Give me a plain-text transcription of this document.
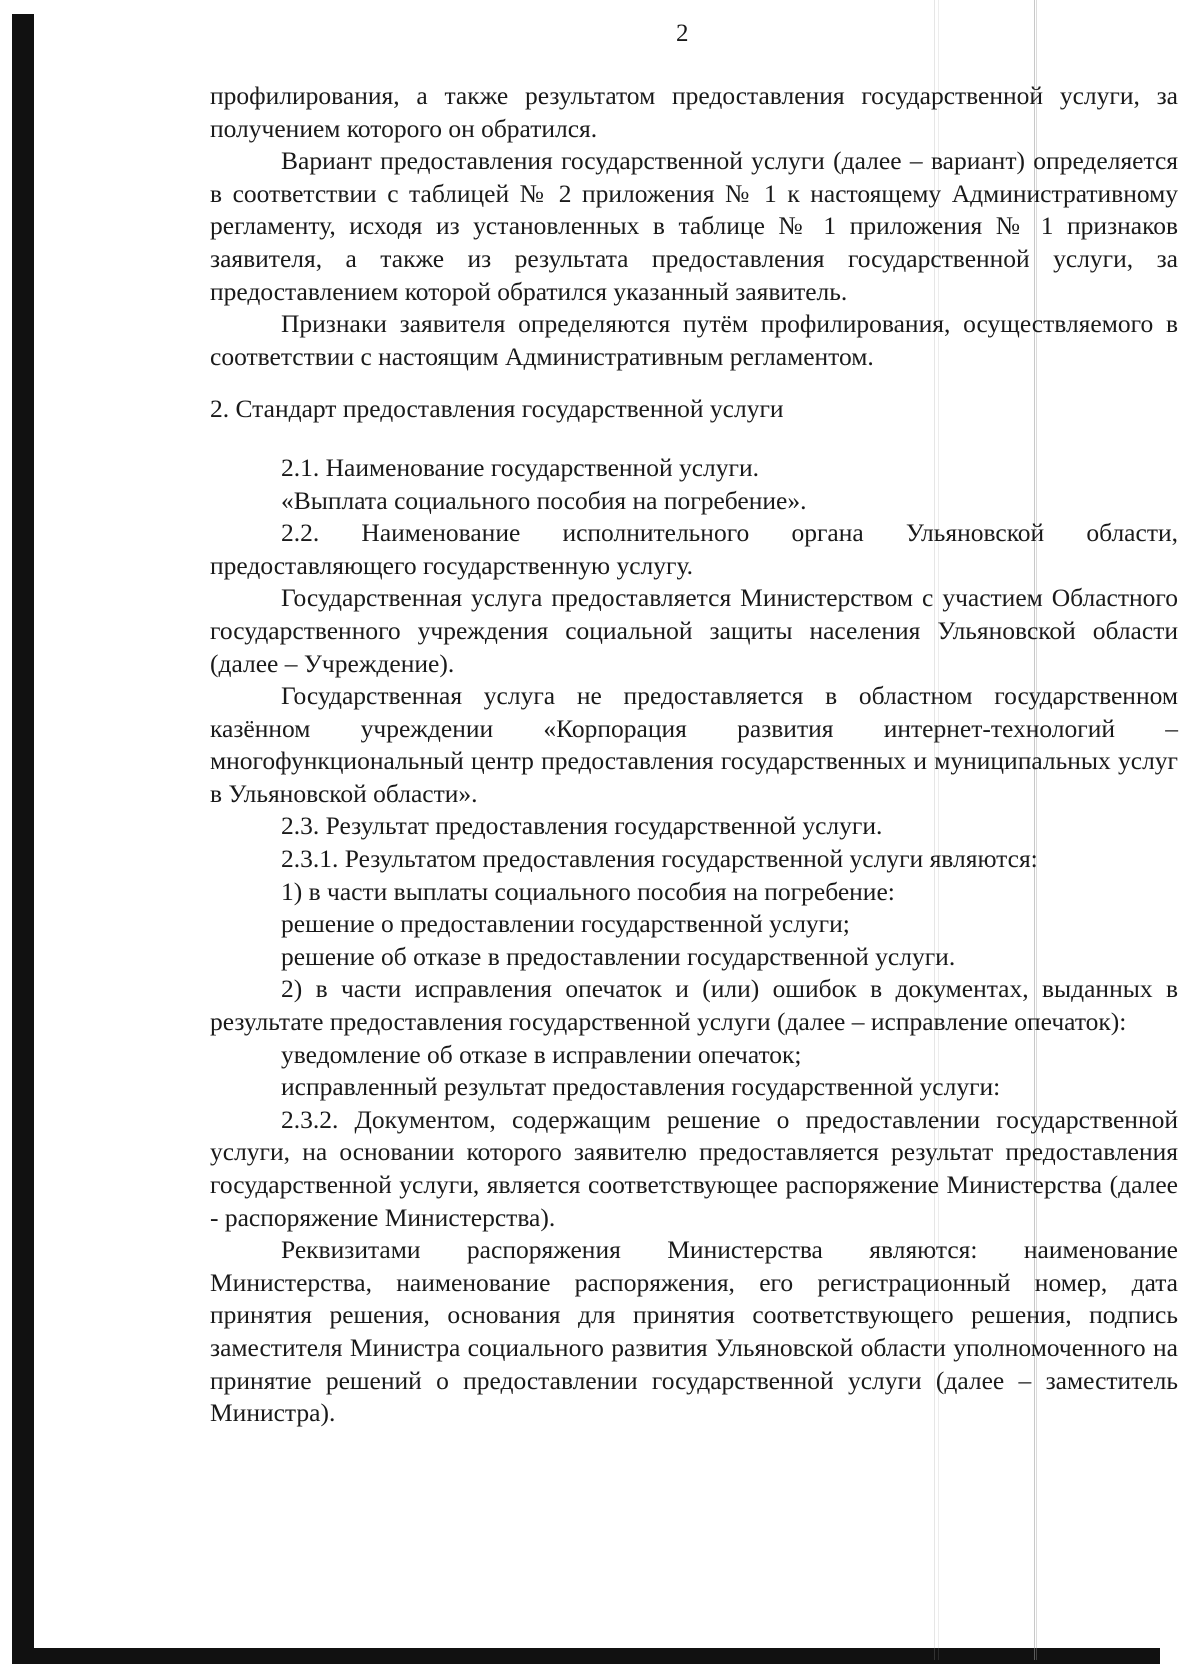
2

профилирования, а также результатом предоставления государственной услуги, за получением которого он обратился.

Вариант предоставления государственной услуги (далее – вариант) определяется в соответствии с таблицей № 2 приложения № 1 к настоящему Административному регламенту, исходя из установленных в таблице № 1 приложения № 1 признаков заявителя, а также из результата предоставления государственной услуги, за предоставлением которой обратился указанный заявитель.

Признаки заявителя определяются путём профилирования, осуществляемого в соответствии с настоящим Административным регламентом.

2. Стандарт предоставления государственной услуги

2.1. Наименование государственной услуги.

«Выплата социального пособия на погребение».

2.2. Наименование исполнительного органа Ульяновской области, предоставляющего государственную услугу.

Государственная услуга предоставляется Министерством с участием Областного государственного учреждения социальной защиты населения Ульяновской области (далее – Учреждение).

Государственная услуга не предоставляется в областном государственном казённом учреждении «Корпорация развития интернет-технологий – многофункциональный центр предоставления государственных и муниципальных услуг в Ульяновской области».

2.3. Результат предоставления государственной услуги.

2.3.1. Результатом предоставления государственной услуги являются:

1) в части выплаты социального пособия на погребение:

решение о предоставлении государственной услуги;

решение об отказе в предоставлении государственной услуги.

2) в части исправления опечаток и (или) ошибок в документах, выданных в результате предоставления государственной услуги (далее – исправление опечаток):

уведомление об отказе в исправлении опечаток;

исправленный результат предоставления государственной услуги:

2.3.2. Документом, содержащим решение о предоставлении государственной услуги, на основании которого заявителю предоставляется результат предоставления государственной услуги, является соответствующее распоряжение Министерства (далее - распоряжение Министерства).

Реквизитами распоряжения Министерства являются: наименование Министерства, наименование распоряжения, его регистрационный номер, дата принятия решения, основания для принятия соответствующего решения, подпись заместителя Министра социального развития Ульяновской области уполномоченного на принятие решений о предоставлении государственной услуги (далее – заместитель Министра).
